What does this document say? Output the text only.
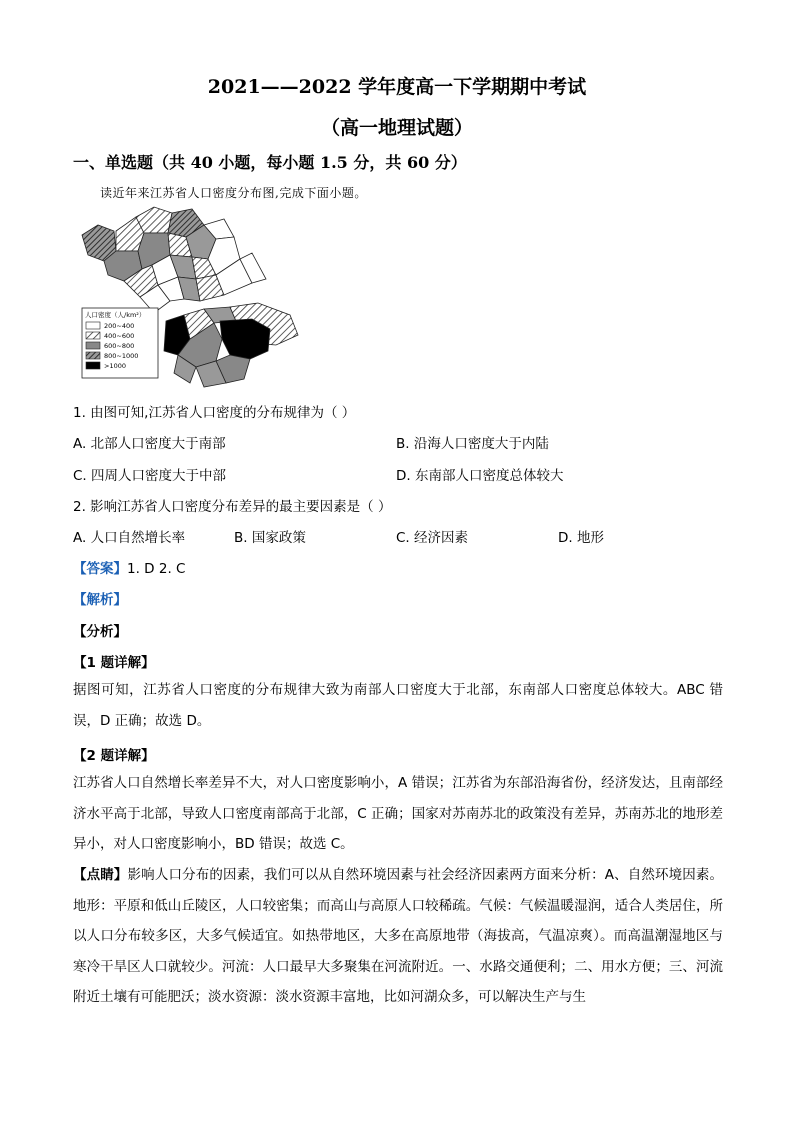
2021——2022 学年度高一下学期期中考试
（高一地理试题）
一、单选题（共 40 小题，每小题 1.5 分，共 60 分）
读近年来江苏省人口密度分布图,完成下面小题。
人口密度（人/km²）
200~400
400~600
600~800
800~1000
>1000
1. 由图可知,江苏省人口密度的分布规律为（ ）
A. 北部人口密度大于南部	B. 沿海人口密度大于内陆
C. 四周人口密度大于中部	D. 东南部人口密度总体较大
2. 影响江苏省人口密度分布差异的最主要因素是（ ）
A. 人口自然增长率	B. 国家政策	C. 经济因素	D. 地形
【答案】1. D 2. C
【解析】
【分析】
【1 题详解】
据图可知，江苏省人口密度的分布规律大致为南部人口密度大于北部，东南部人口密度总体较大。ABC 错误，D 正确；故选 D。
【2 题详解】
江苏省人口自然增长率差异不大，对人口密度影响小，A 错误；江苏省为东部沿海省份，经济发达，且南部经济水平高于北部，导致人口密度南部高于北部，C 正确；国家对苏南苏北的政策没有差异，苏南苏北的地形差异小，对人口密度影响小，BD 错误；故选 C。
【点睛】影响人口分布的因素，我们可以从自然环境因素与社会经济因素两方面来分析：A、自然环境因素。地形：平原和低山丘陵区，人口较密集；而高山与高原人口较稀疏。气候：气候温暖湿润，适合人类居住，所以人口分布较多区，大多气候适宜。如热带地区，大多在高原地带（海拔高，气温凉爽）。而高温潮湿地区与寒冷干旱区人口就较少。河流：人口最早大多聚集在河流附近。一、水路交通便利；二、用水方便；三、河流附近土壤有可能肥沃；淡水资源：淡水资源丰富地，比如河湖众多，可以解决生产与生
